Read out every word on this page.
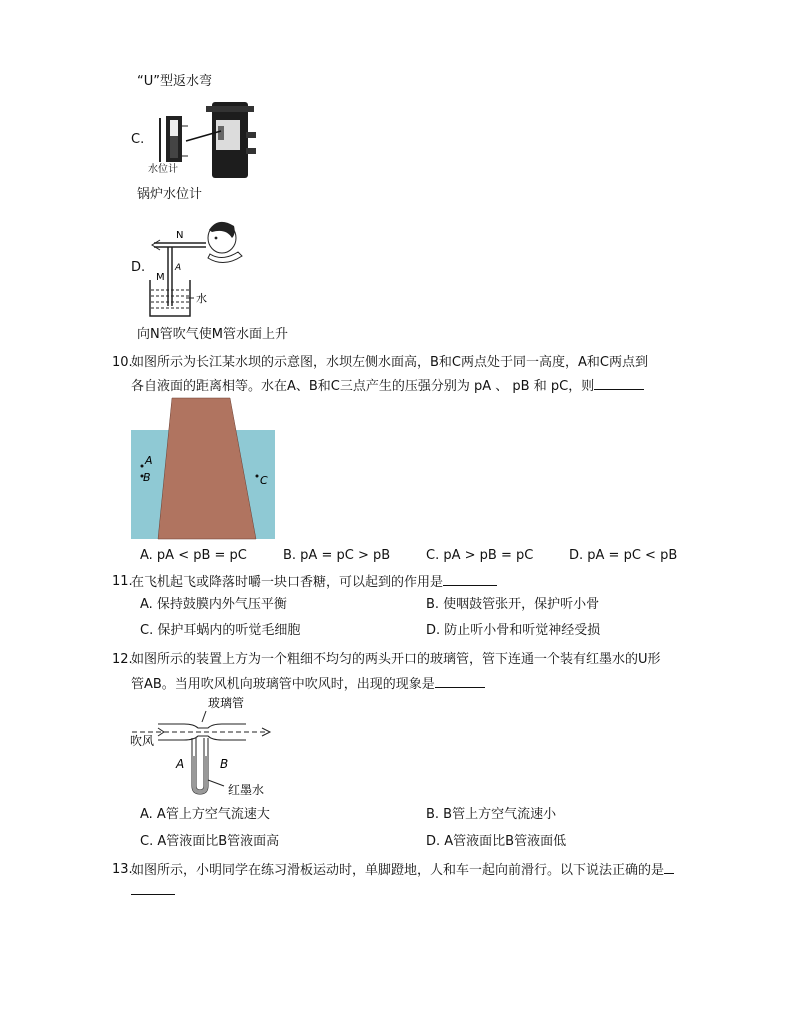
“U”型返水弯
C.
水位计
锅炉水位计
D.
N
M
A
水
向N管吹气使M管水面上升
10.
如图所示为长江某水坝的示意图，水坝左侧水面高，B和C两点处于同一高度，A和C两点到
各自液面的距离相等。水在A、B和C三点产生的压强分别为 pA 、 pB 和 pC，则
A
B	C
A. pA < pB = pC	B. pA = pC > pB	C. pA > pB = pC	D. pA = pC < pB
11.
在飞机起飞或降落时嚼一块口香糖，可以起到的作用是
A. 保持鼓膜内外气压平衡	B. 使咽鼓管张开，保护听小骨
C. 保护耳蜗内的听觉毛细胞	D. 防止听小骨和听觉神经受损
12.
如图所示的装置上方为一个粗细不均匀的两头开口的玻璃管，管下连通一个装有红墨水的U形
管AB。当用吹风机向玻璃管中吹风时，出现的现象是
玻璃管
吹风
A	B
红墨水
A. A管上方空气流速大	B. B管上方空气流速小
C. A管液面比B管液面高	D. A管液面比B管液面低
13.
如图所示，小明同学在练习滑板运动时，单脚蹬地，人和车一起向前滑行。以下说法正确的是
